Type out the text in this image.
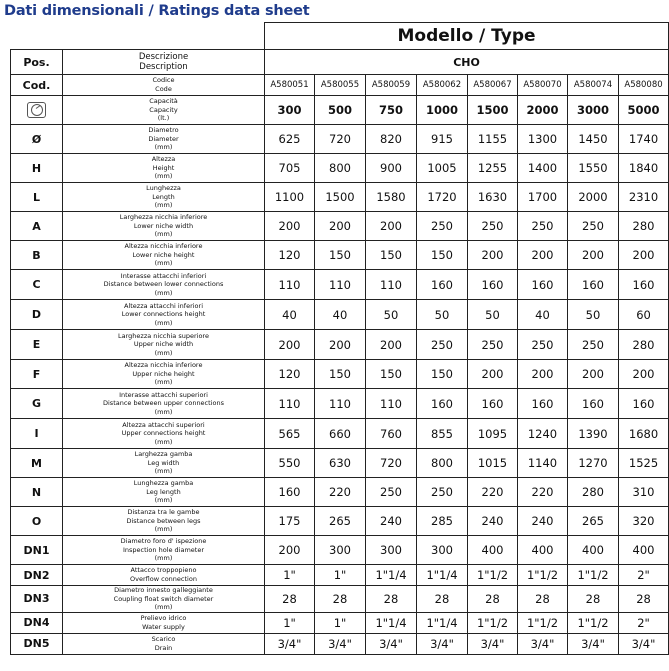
Dati dimensionali / Ratings data sheet
		Modello / Type							
Pos.	Descrizione
Description	CHO							
Cod.	Codice
Code	A580051	A580055	A580059	A580062	A580067	A580070	A580074	A580080

	Capacità
Capacity
(lt.)	300	500	750	1000	1500	2000	3000	5000
Ø	Diametro
Diameter
(mm)	625	720	820	915	1155	1300	1450	1740
H	Altezza
Height
(mm)	705	800	900	1005	1255	1400	1550	1840
L	Lunghezza
Length
(mm)	1100	1500	1580	1720	1630	1700	2000	2310
A	Larghezza nicchia inferiore
Lower niche width
(mm)	200	200	200	250	250	250	250	280
B	Altezza nicchia inferiore
Lower niche height
(mm)	120	150	150	150	200	200	200	200
C	Interasse attacchi inferiori
Distance between lower connections
(mm)	110	110	110	160	160	160	160	160
D	Altezza attacchi inferiori
Lower connections height
(mm)	40	40	50	50	50	40	50	60
E	Larghezza nicchia superiore
Upper niche width
(mm)	200	200	200	250	250	250	250	280
F	Altezza nicchia inferiore
Upper niche height
(mm)	120	150	150	150	200	200	200	200
G	Interasse attacchi superiori
Distance between upper connections
(mm)	110	110	110	160	160	160	160	160
I	Altezza attacchi superiori
Upper connections height
(mm)	565	660	760	855	1095	1240	1390	1680
M	Larghezza gamba
Leg width
(mm)	550	630	720	800	1015	1140	1270	1525
N	Lunghezza gamba
Leg length
(mm)	160	220	250	250	220	220	280	310
O	Distanza tra le gambe
Distance between legs
(mm)	175	265	240	285	240	240	265	320
DN1	Diametro foro d' ispezione
Inspection hole diameter
(mm)	200	300	300	300	400	400	400	400
DN2	Attacco troppopieno
Overflow connection	1"	1"	1"1/4	1"1/4	1"1/2	1"1/2	1"1/2	2"
DN3	Diametro innesto galleggiante
Coupling float switch diameter
(mm)	28	28	28	28	28	28	28	28
DN4	Prelievo idrico
Water supply	1"	1"	1"1/4	1"1/4	1"1/2	1"1/2	1"1/2	2"
DN5	Scarico
Drain	3/4"	3/4"	3/4"	3/4"	3/4"	3/4"	3/4"	3/4"
